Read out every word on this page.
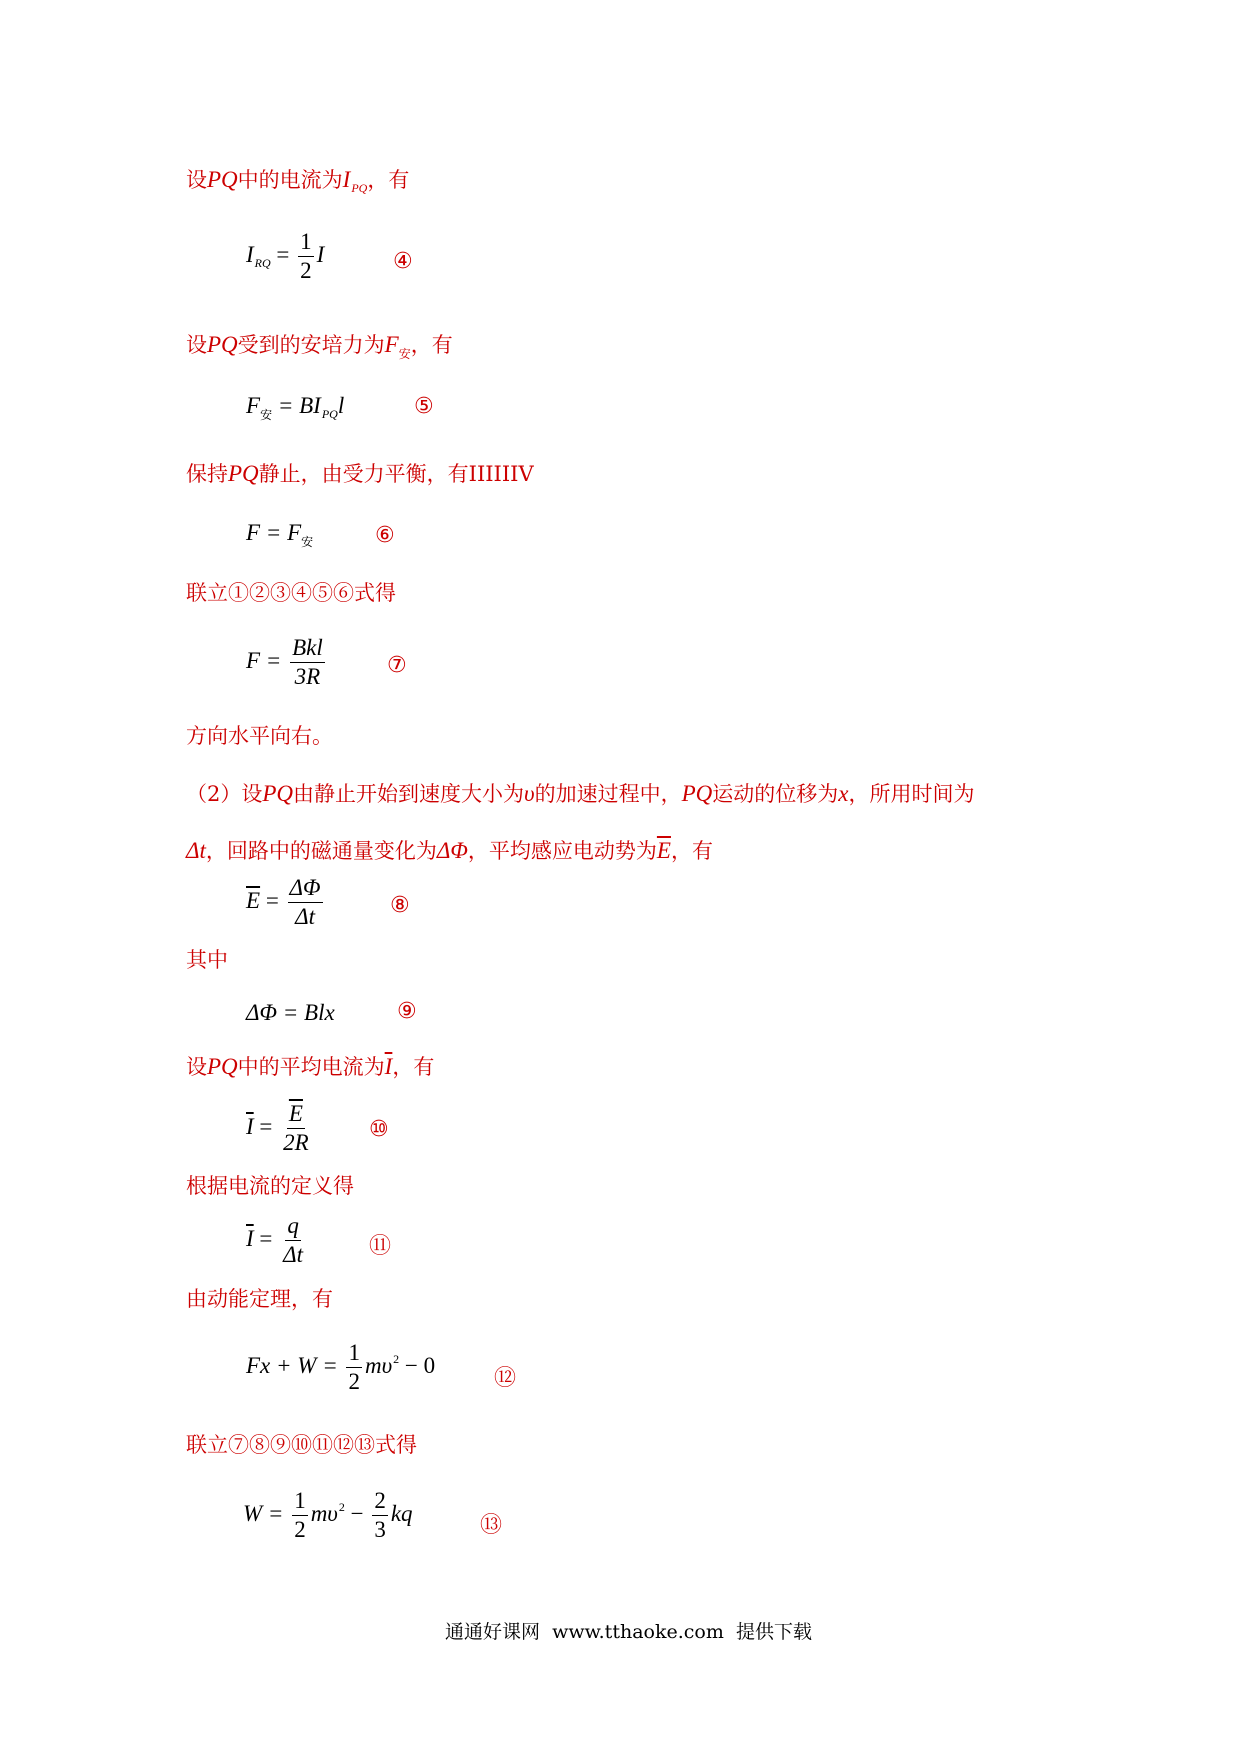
设PQ中的电流为$I_{PQ}$，有
$I_{RQ} = \frac{1}{2}$ I	④
设PQ受到的安培力为$F_安$，有
$F_安 = BI_{PQ}l$	⑤
保持PQ静止，由受力平衡，有IIIIIIV
$F = F_安$	⑥
联立①②③④⑤⑥式得
$F = \frac{\text{Bkl}}{3R}$	⑦
方向水平向右。
（2）设PQ由静止开始到速度大小为υ的加速过程中，PQ运动的位移为x，所用时间为
Δt，回路中的磁通量变化为ΔΦ，平均感应电动势为$\overline{E}$，有
$\overline{E} = \frac{\Delta\Phi}{\Delta t}$	⑧
其中
ΔΦ = Blx	⑨
设PQ中的平均电流为$\overline{I}$，有
$\overline{I} = \frac{\overline{E}}{2R}$	⑩
根据电流的定义得
$\overline{I} = \frac{q}{\Delta t}$	⑪
由动能定理，有
$Fx + W = \frac{1}{2} m\upsilon^2 - 0$
⑫
联立⑦⑧⑨⑩⑪⑫⑬式得
$W = \frac{1}{2} m\upsilon^2 - \frac{2}{3}$ kq	⑬
通通好课网 www.tthaoke.com 提供下载
